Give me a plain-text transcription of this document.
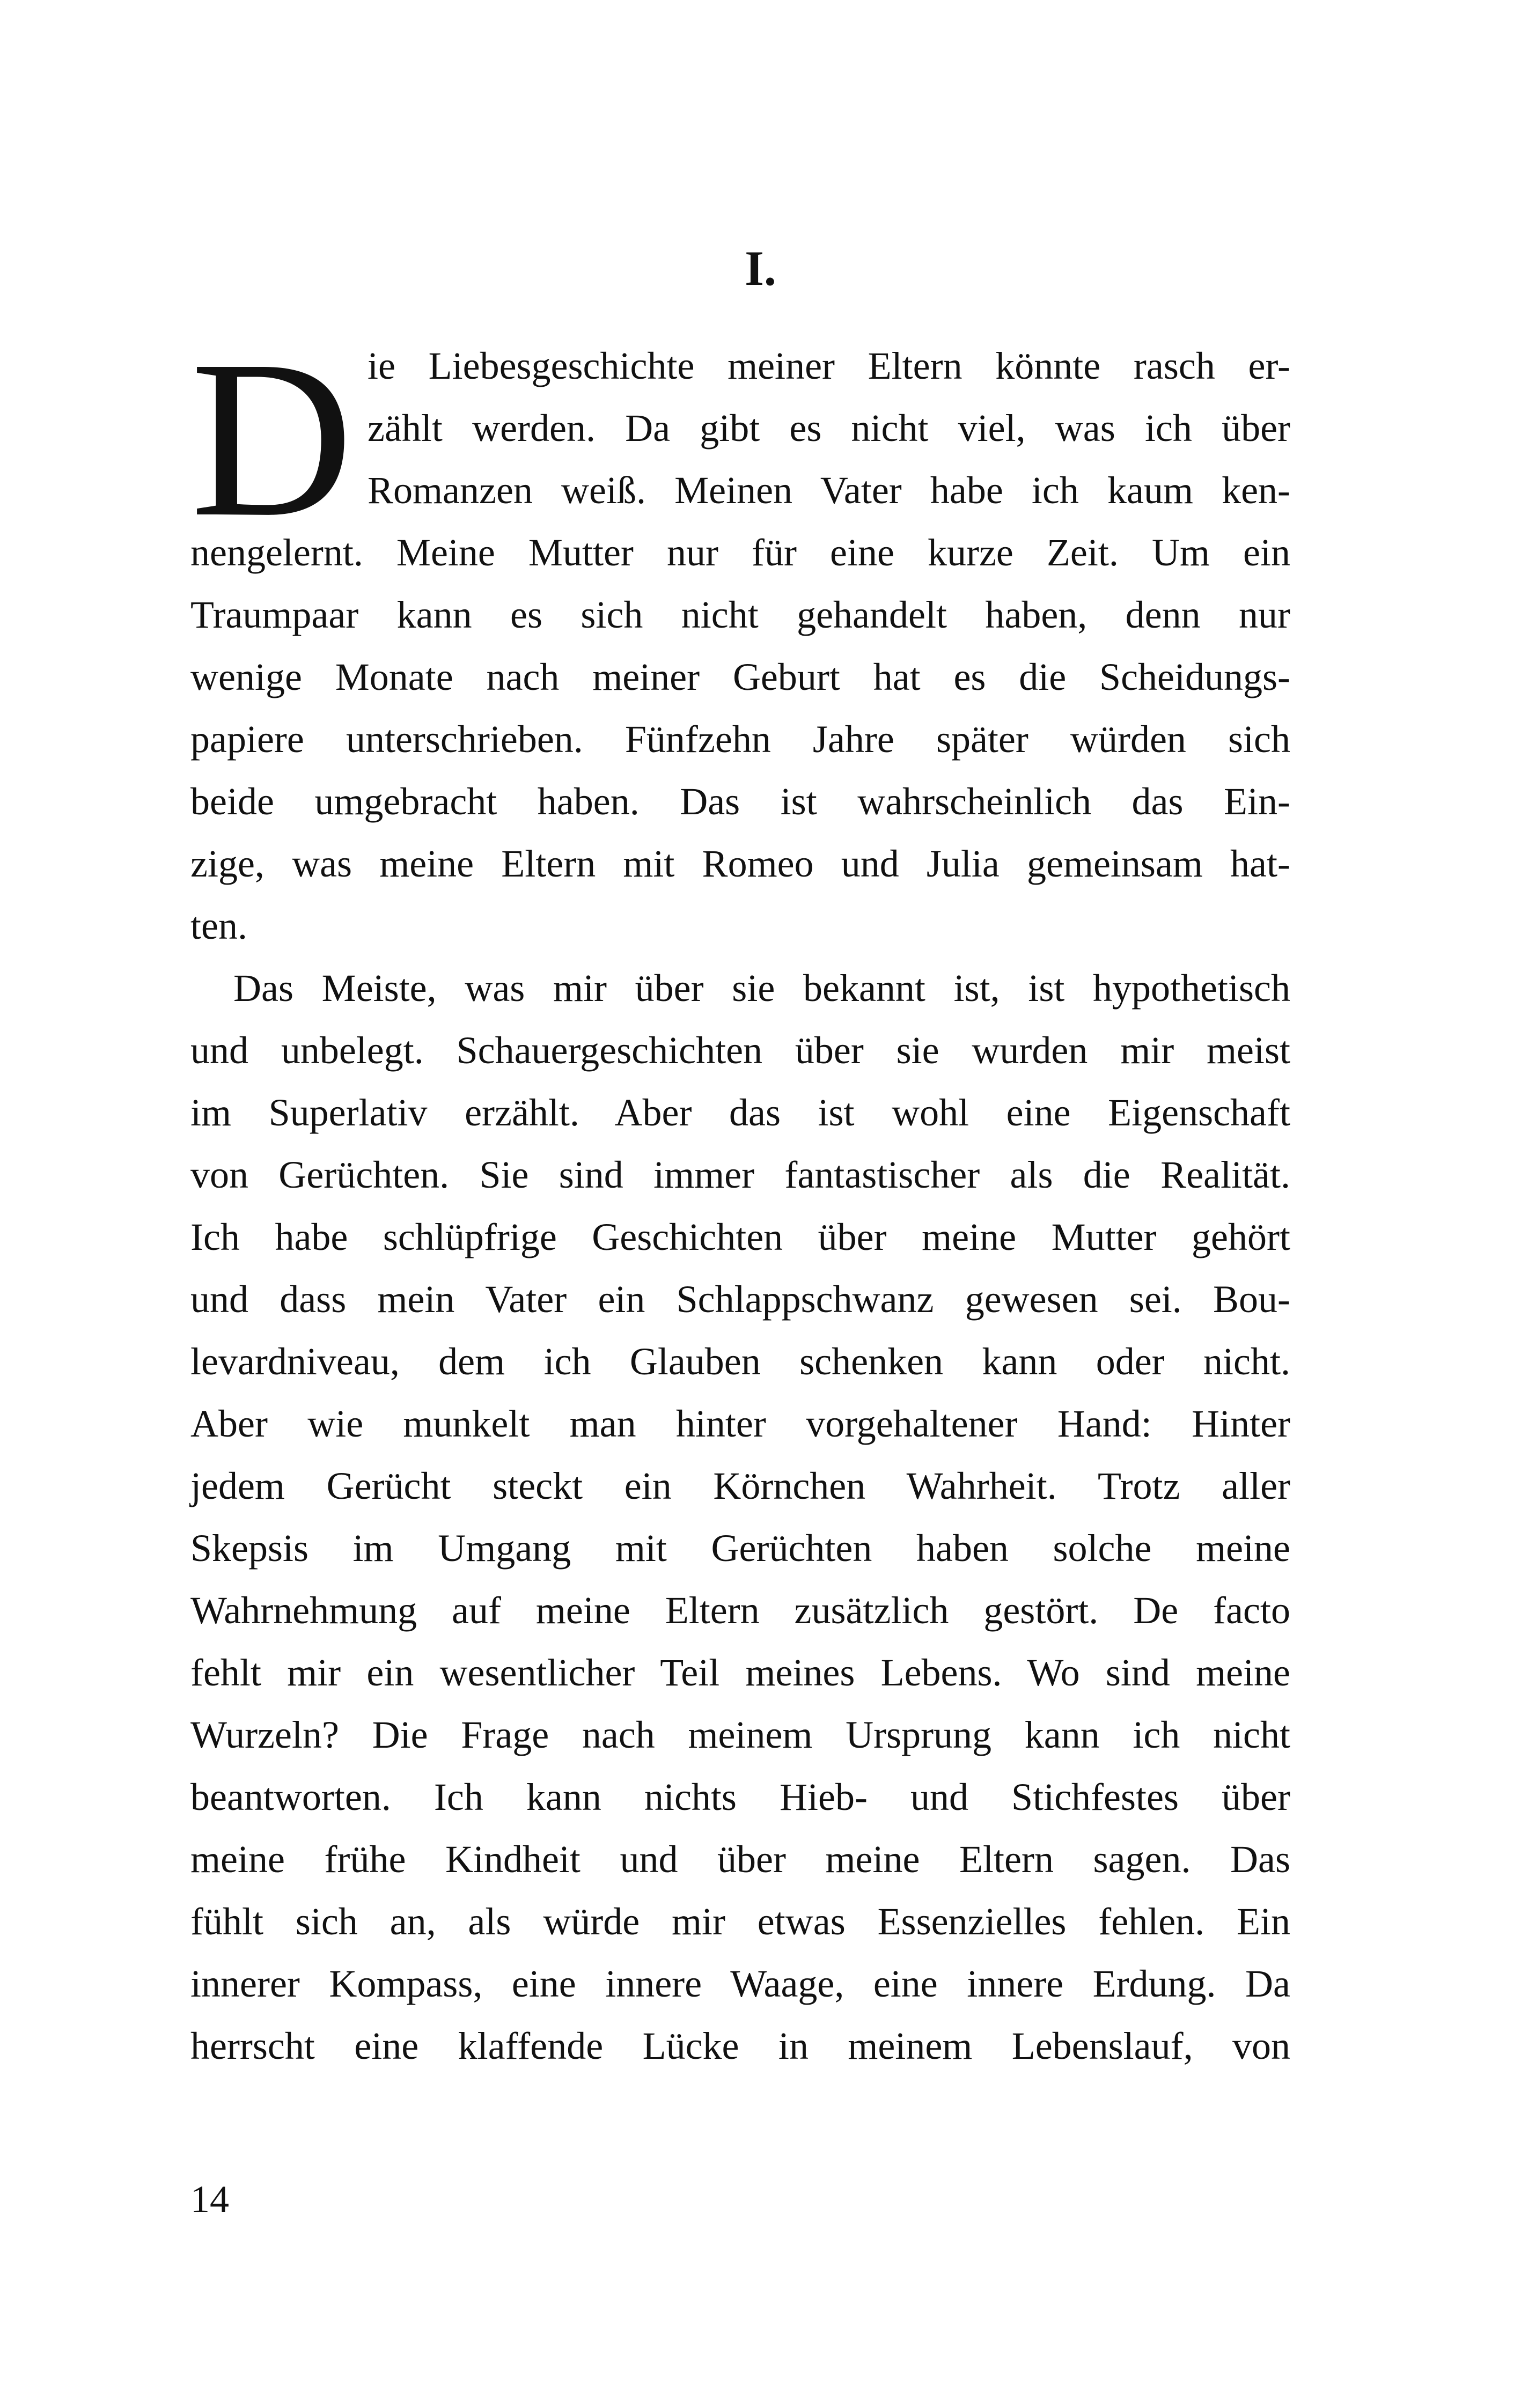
I.
D ie Liebesgeschichte meiner Eltern könnte rasch er-
zählt werden. Da gibt es nicht viel, was ich über
Romanzen weiß. Meinen Vater habe ich kaum ken-
nengelernt. Meine Mutter nur für eine kurze Zeit. Um ein
Traumpaar kann es sich nicht gehandelt haben, denn nur
wenige Monate nach meiner Geburt hat es die Scheidungs-
papiere unterschrieben. Fünfzehn Jahre später würden sich
beide umgebracht haben. Das ist wahrscheinlich das Ein-
zige, was meine Eltern mit Romeo und Julia gemeinsam hat-
ten.
Das Meiste, was mir über sie bekannt ist, ist hypothetisch
und unbelegt. Schauergeschichten über sie wurden mir meist
im Superlativ erzählt. Aber das ist wohl eine Eigenschaft
von Gerüchten. Sie sind immer fantastischer als die Realität.
Ich habe schlüpfrige Geschichten über meine Mutter gehört
und dass mein Vater ein Schlappschwanz gewesen sei. Bou-
levardniveau, dem ich Glauben schenken kann oder nicht.
Aber wie munkelt man hinter vorgehaltener Hand: Hinter
jedem Gerücht steckt ein Körnchen Wahrheit. Trotz aller
Skepsis im Umgang mit Gerüchten haben solche meine
Wahrnehmung auf meine Eltern zusätzlich gestört. De facto
fehlt mir ein wesentlicher Teil meines Lebens. Wo sind meine
Wurzeln? Die Frage nach meinem Ursprung kann ich nicht
beantworten. Ich kann nichts Hieb- und Stichfestes über
meine frühe Kindheit und über meine Eltern sagen. Das
fühlt sich an, als würde mir etwas Essenzielles fehlen. Ein
innerer Kompass, eine innere Waage, eine innere Erdung. Da
herrscht eine klaffende Lücke in meinem Lebenslauf, von
14
